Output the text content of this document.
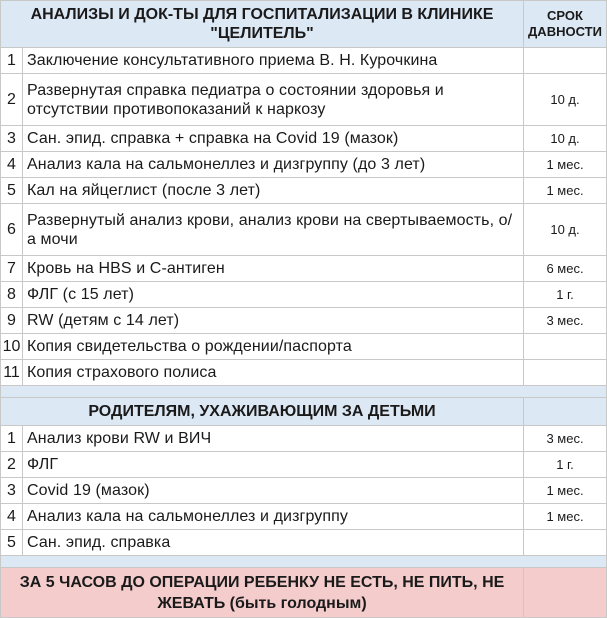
АНАЛИЗЫ И ДОК-ТЫ ДЛЯ ГОСПИТАЛИЗАЦИИ В КЛИНИКЕ "ЦЕЛИТЕЛЬ"		СРОК ДАВНОСТИ
1	Заключение консультативного приема В. Н. Курочкина	
2	Развернутая справка педиатра о состоянии здоровья и отсутствии противопоказаний к наркозу	10 д.
3	Сан. эпид. справка + справка на Covid 19 (мазок)	10 д.
4	Анализ кала на сальмонеллез и дизгруппу (до 3 лет)	1 мес.
5	Кал на яйцеглист (после 3 лет)	1 мес.
6	Развернутый анализ крови, анализ крови на свертываемость, о/а мочи	10 д.
7	Кровь на HBS и С-антиген	6 мес.
8	ФЛГ (с 15 лет)	1 г.
9	RW (детям с 14 лет)	3 мес.
10	Копия свидетельства о рождении/паспорта	
11	Копия страхового полиса	

РОДИТЕЛЯМ, УХАЖИВАЮЩИМ ЗА ДЕТЬМИ		
1	Анализ крови RW и ВИЧ	3 мес.
2	ФЛГ	1 г.
3	Covid 19 (мазок)	1 мес.
4	Анализ кала на сальмонеллез и дизгруппу	1 мес.
5	Сан. эпид. справка	

ЗА 5 ЧАСОВ ДО ОПЕРАЦИИ РЕБЕНКУ НЕ ЕСТЬ, НЕ ПИТЬ, НЕ ЖЕВАТЬ (быть голодным)		
